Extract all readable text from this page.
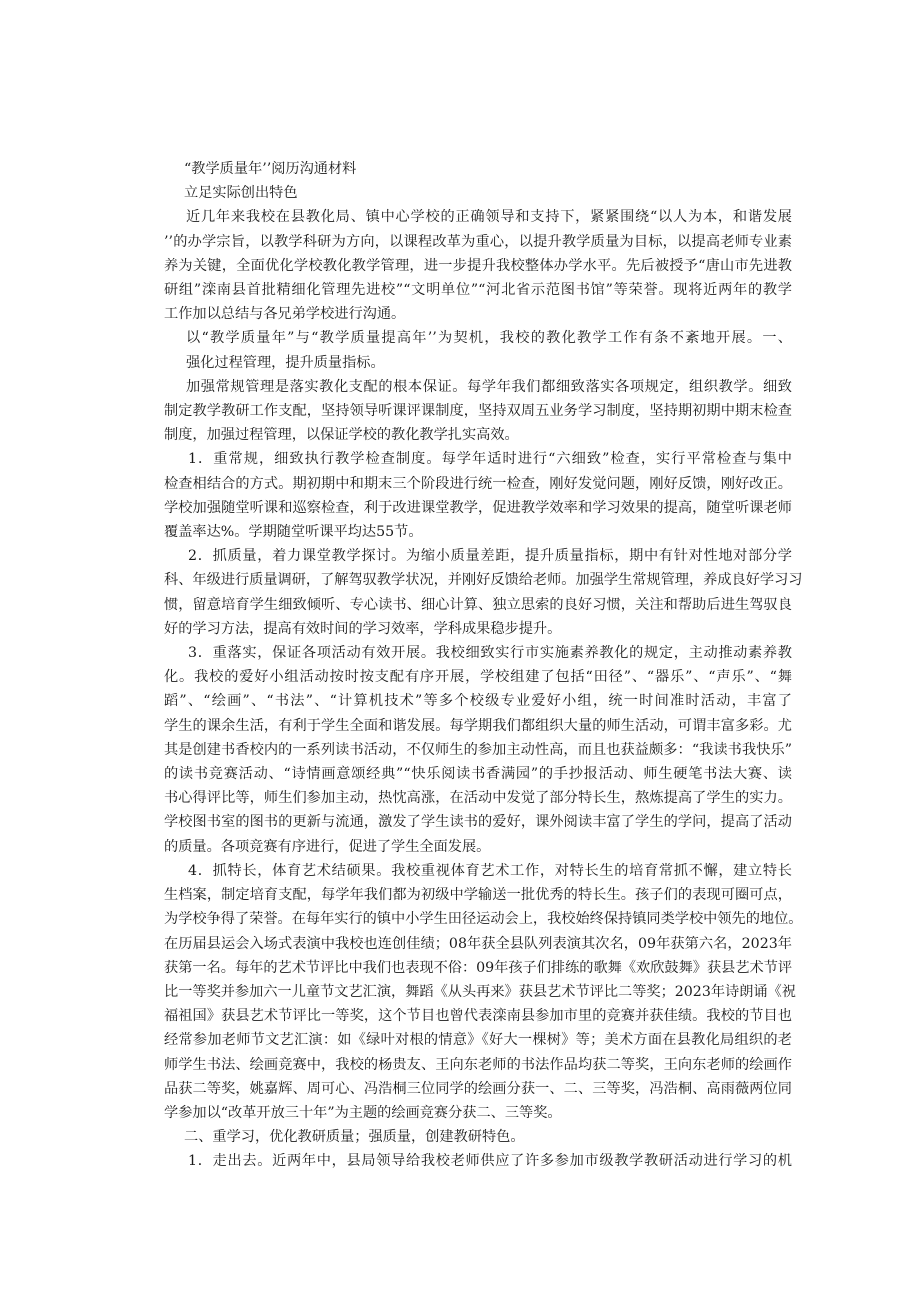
“教学质量年’’阅历沟通材料
立足实际创出特色
近几年来我校在县教化局、镇中心学校的正确领导和支持下，紧紧围绕“以人为本，和谐发展
’’的办学宗旨，以教学科研为方向，以课程改革为重心，以提升教学质量为目标，以提高老师专业素
养为关键，全面优化学校教化教学管理，进一步提升我校整体办学水平。先后被授予“唐山市先进教
研组”滦南县首批精细化管理先进校”“文明单位”“河北省示范图书馆”等荣誉。现将近两年的教学
工作加以总结与各兄弟学校进行沟通。
以“教学质量年”与“教学质量提高年’’为契机，我校的教化教学工作有条不紊地开展。一、
强化过程管理，提升质量指标。
加强常规管理是落实教化支配的根本保证。每学年我们都细致落实各项规定，组织教学。细致
制定教学教研工作支配，坚持领导听课评课制度，坚持双周五业务学习制度，坚持期初期中期末检查
制度，加强过程管理，以保证学校的教化教学扎实高效。
1．重常规，细致执行教学检查制度。每学年适时进行“六细致”检查，实行平常检查与集中
检查相结合的方式。期初期中和期末三个阶段进行统一检查，刚好发觉问题，刚好反馈，刚好改正。
学校加强随堂听课和巡察检查，利于改进课堂教学，促进教学效率和学习效果的提高，随堂听课老师
覆盖率达%。学期随堂听课平均达55节。
2．抓质量，着力课堂教学探讨。为缩小质量差距，提升质量指标，期中有针对性地对部分学
科、年级进行质量调研，了解驾驭教学状况，并刚好反馈给老师。加强学生常规管理，养成良好学习习
惯，留意培育学生细致倾听、专心读书、细心计算、独立思索的良好习惯，关注和帮助后进生驾驭良
好的学习方法，提高有效时间的学习效率，学科成果稳步提升。
3．重落实，保证各项活动有效开展。我校细致实行市实施素养教化的规定，主动推动素养教
化。我校的爱好小组活动按时按支配有序开展，学校组建了包括“田径”、“器乐”、“声乐”、“舞
蹈”、“绘画”、“书法”、“计算机技术”等多个校级专业爱好小组，统一时间准时活动，丰富了
学生的课余生活，有利于学生全面和谐发展。每学期我们都组织大量的师生活动，可谓丰富多彩。尤
其是创建书香校内的一系列读书活动，不仅师生的参加主动性高，而且也获益颇多：“我读书我快乐”
的读书竞赛活动、“诗情画意颂经典”“快乐阅读书香满园”的手抄报活动、师生硬笔书法大赛、读
书心得评比等，师生们参加主动，热忱高涨，在活动中发觉了部分特长生，熬炼提高了学生的实力。
学校图书室的图书的更新与流通，激发了学生读书的爱好，课外阅读丰富了学生的学问，提高了活动
的质量。各项竞赛有序进行，促进了学生全面发展。
4．抓特长，体育艺术结硕果。我校重视体育艺术工作，对特长生的培育常抓不懈，建立特长
生档案，制定培育支配，每学年我们都为初级中学输送一批优秀的特长生。孩子们的表现可圈可点，
为学校争得了荣誉。在每年实行的镇中小学生田径运动会上，我校始终保持镇同类学校中领先的地位。
在历届县运会入场式表演中我校也连创佳绩；08年获全县队列表演其次名，09年获第六名，2023年
获第一名。每年的艺术节评比中我们也表现不俗：09年孩子们排练的歌舞《欢欣鼓舞》获县艺术节评
比一等奖并参加六一儿童节文艺汇演，舞蹈《从头再来》获县艺术节评比二等奖；2023年诗朗诵《祝
福祖国》获县艺术节评比一等奖，这个节目也曾代表滦南县参加市里的竞赛并获佳绩。我校的节目也
经常参加老师节文艺汇演：如《绿叶对根的情意》《好大一棵树》等；美术方面在县教化局组织的老
师学生书法、绘画竞赛中，我校的杨贵友、王向东老师的书法作品均获二等奖，王向东老师的绘画作
品获二等奖，姚嘉辉、周可心、冯浩桐三位同学的绘画分获一、二、三等奖，冯浩桐、高雨薇两位同
学参加以“改革开放三十年”为主题的绘画竞赛分获二、三等奖。
二、重学习，优化教研质量；强质量，创建教研特色。
1．走出去。近两年中，县局领导给我校老师供应了许多参加市级教学教研活动进行学习的机
